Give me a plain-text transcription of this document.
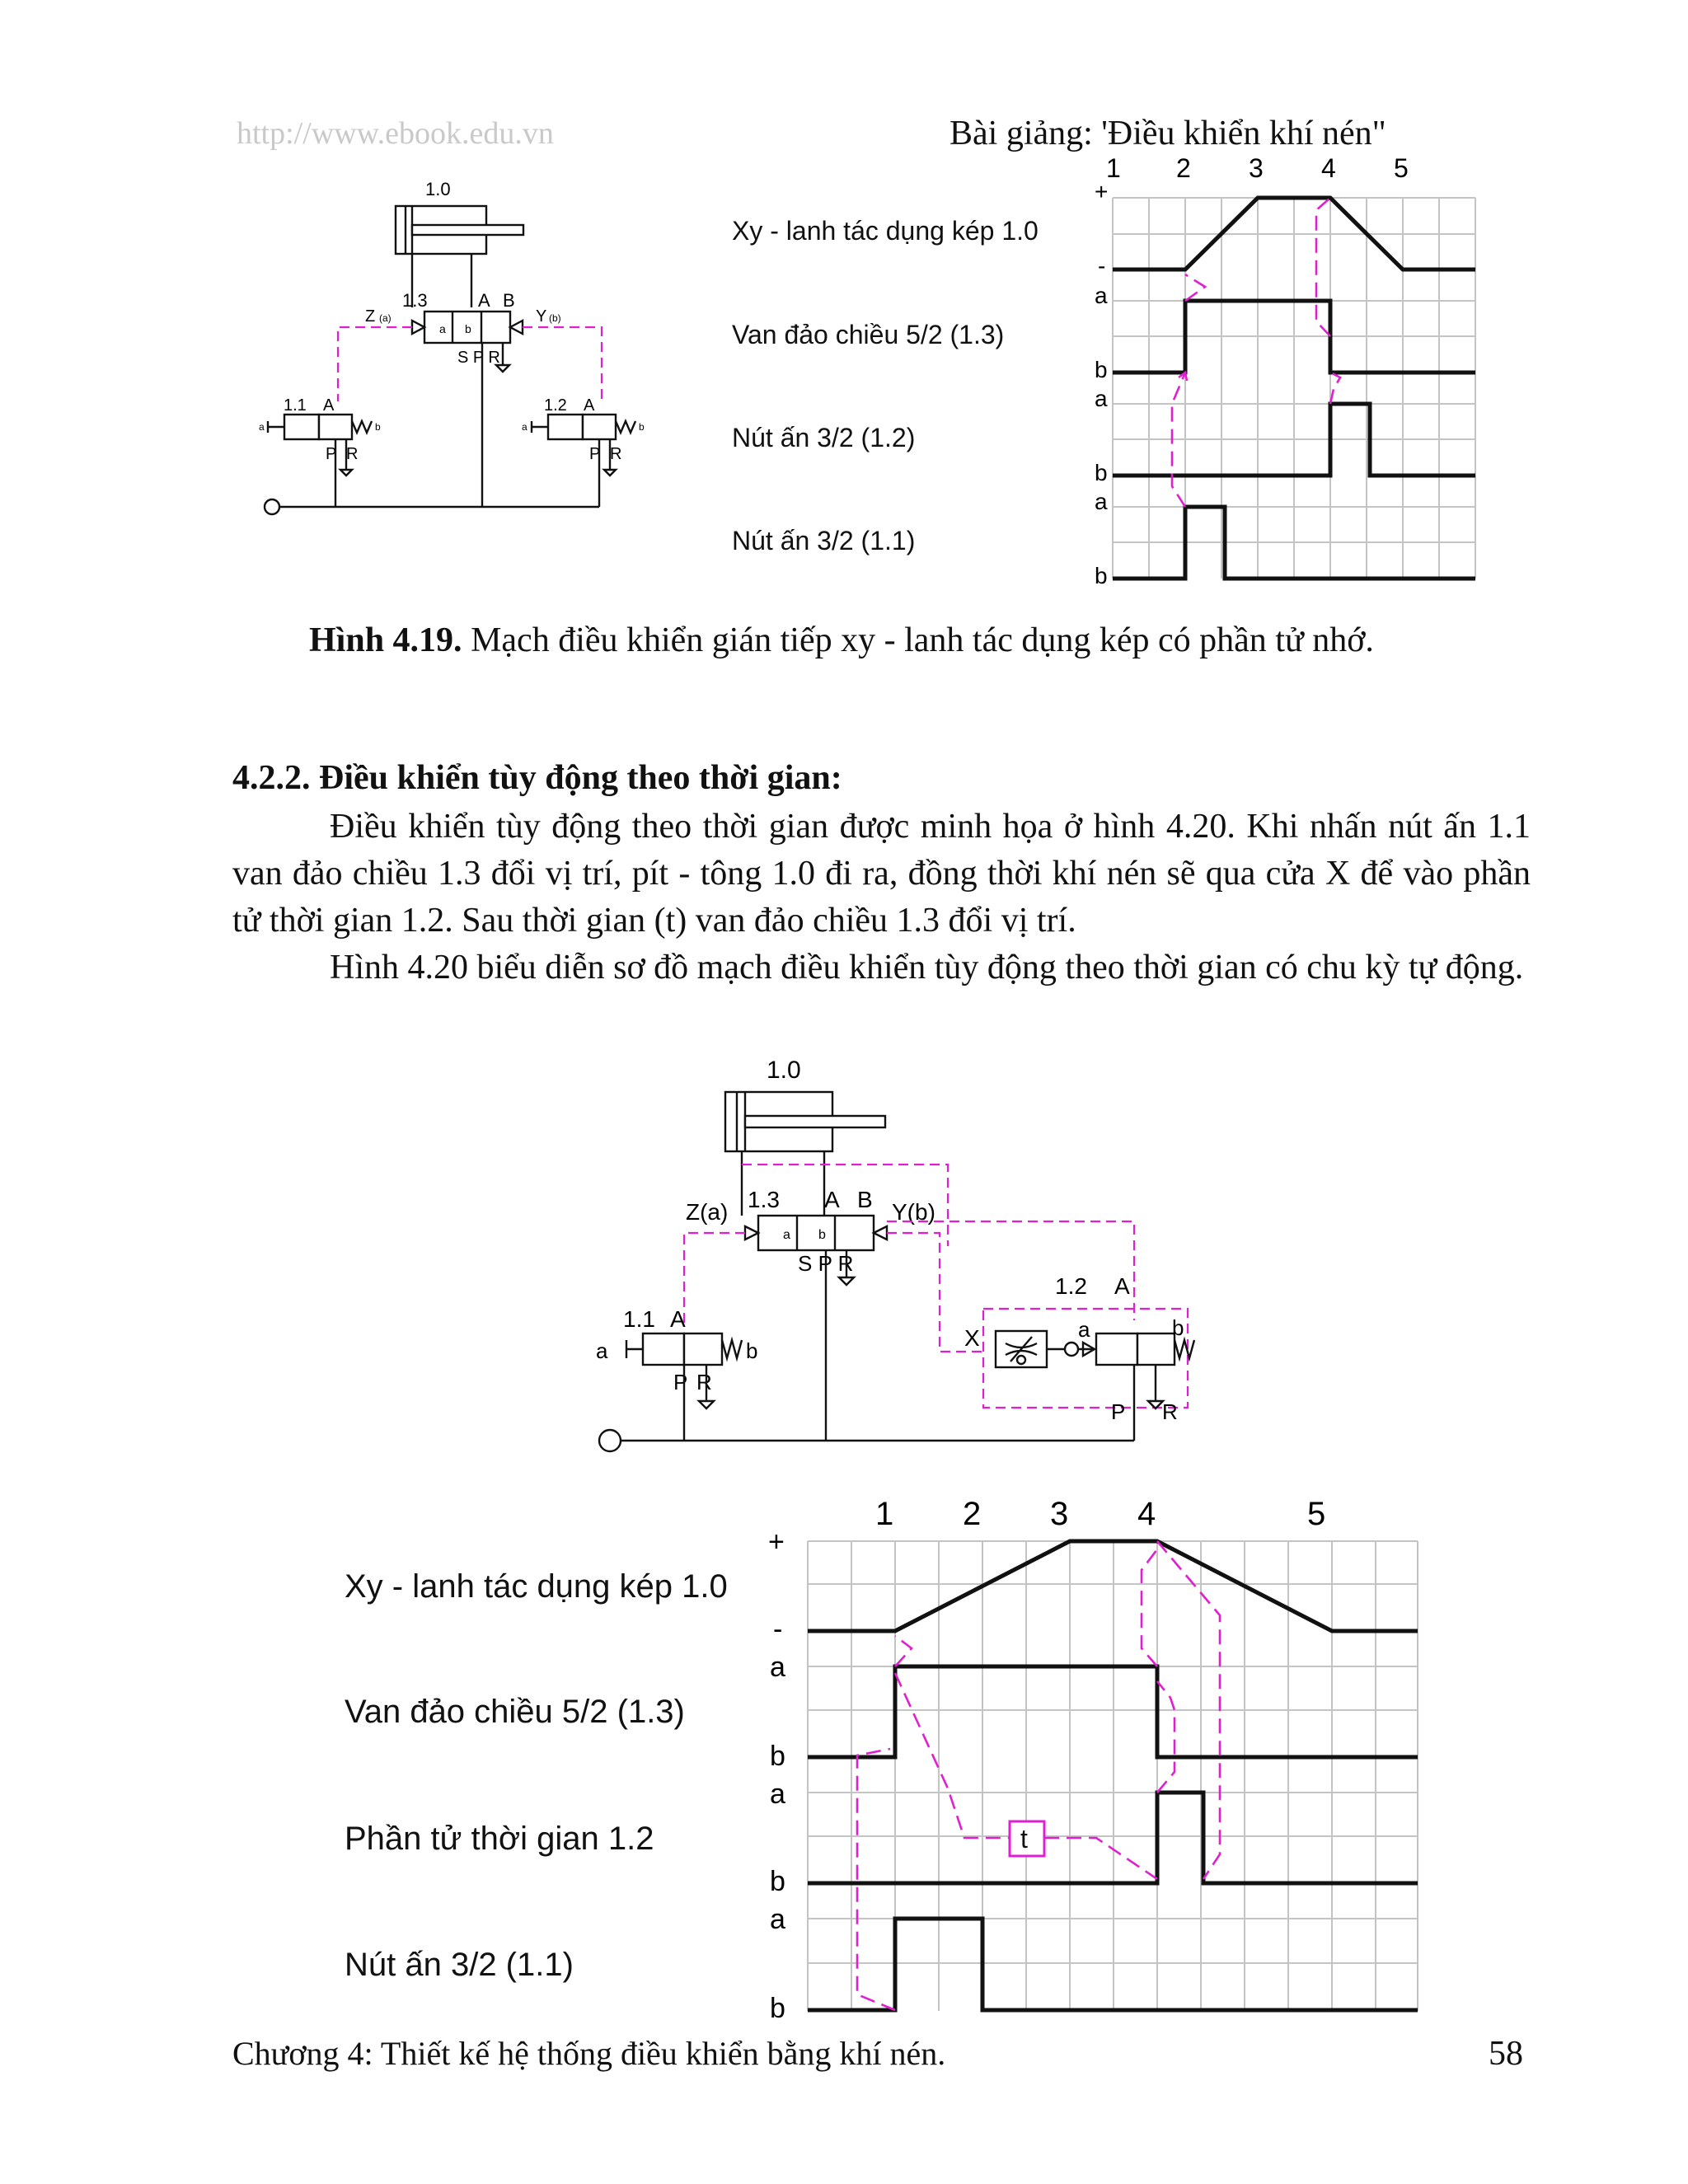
http://www.ebook.edu.vn	Bài giảng: 'Điều khiển khí nén"
1.0
1.3	A B
a b
Z (a)	Y (b)
S P R
1.1 A
a	b
P R
1.2 A
a	b
P R
Xy - lanh tác dụng kép 1.0
Van đảo chiều 5/2 (1.3)
Nút ấn 3/2 (1.2)
Nút ấn 3/2 (1.1)
1 2 3 4 5
+
-
a
b
a
b
a
b
Hình 4.19. Mạch điều khiển gián tiếp xy - lanh tác dụng kép có phần tử nhớ.
4.2.2. Điều khiển tùy động theo thời gian:
Điều khiển tùy động theo thời gian được minh họa ở hình 4.20. Khi nhấn nút ấn 1.1 van đảo chiều 1.3 đổi vị trí, pít - tông 1.0 đi ra, đồng thời khí nén sẽ qua cửa X để vào phần tử thời gian 1.2. Sau thời gian (t) van đảo chiều 1.3 đổi vị trí.
Hình 4.20 biểu diễn sơ đồ mạch điều khiển tùy động theo thời gian có chu kỳ tự động.
1.0
1.3 A B
a b
Z(a)	Y(b)
S P R
1.1 A
a	b
P R
1.2 A
X	a	b
P R
Xy - lanh tác dụng kép 1.0
Van đảo chiều 5/2 (1.3)
Phần tử thời gian 1.2
Nút ấn 3/2 (1.1)
1 2 3 4	5
+
-
a
b
a
b
a
b
t
Chương 4: Thiết kế hệ thống điều khiển bằng khí nén.	58
